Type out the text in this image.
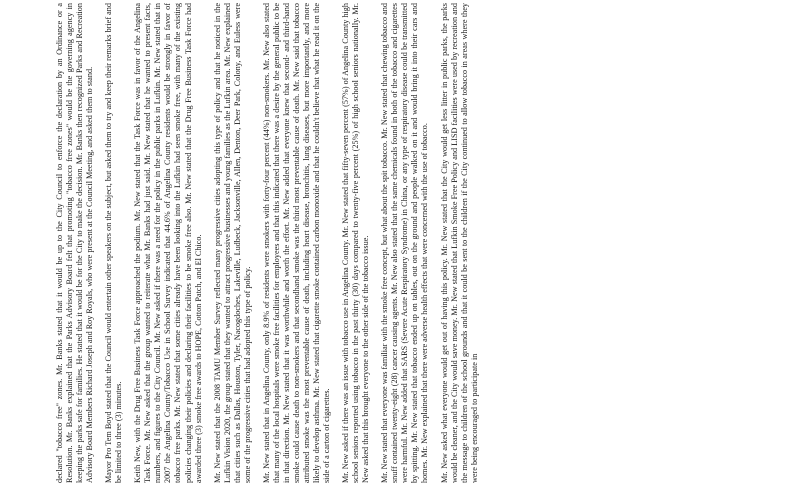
declared "tobacco free" zones. Mr. Banks stated that it would be up to the City Council to enforce the declaration by an Ordinance or a Resolution. Mr. Banks explained that the Parks Advisory Board felt that promoting "tobacco free zones" would be the governing agency in keeping the parks safe for families. He stated that it would be for the City to make the decision. Mr. Banks then recognized Parks and Recreation Advisory Board Members Richard Joseph and Roy Royals, who were present at the Council Meeting, and asked them to stand. Mayor Pro Tem Boyd stated that the Council would entertain other speakers on the subject, but asked them to try and keep their remarks brief and be limited to three (3) minutes. Keith New, with the Drug Free Business Task Force approached the podium. Mr. New stated that the Task Force was in favor of the Angelina Task Force. Mr. New asked that the group wanted to reiterate what Mr. Banks had just said. Mr. New stated that he wanted to present facts, numbers, and figures to the City Council. Mr. New asked if there was a need for the policy in the public parks in Lufkin. Mr. New stated that in 2007 the Angelina County/Tobacco Use in School Survey indicated that 44.6% of Angelina County residents would be strongly in favor of tobacco free parks. Mr. New stated that some cities already have been looking into the Lufkin had seen smoke free, with many of the existing policies changing their policies and declaring their facilities to be smoke free also. Mr. New stated that the Drug Free Business Task Force had awarded three (3) smoke free awards to HOPE, Cotton Patch, and El Chico. Mr. New stated that the 2008 TAMU Member Survey reflected many progressive cities adopting this type of policy and that he noticed in the Lufkin Vision 2020, the group stated that they wanted to attract progressive businesses and young families as the Lufkin area. Mr. New explained that cities such as Dallas, Houston, Tyler, Nacogdoches, Lakeville, Ludbeck, Jacksonville, Allen, Denton, Deer Park, Colony, and Euless were some of the progressive cities that had adopted this type of policy. Mr. New stated that in Angelina County, only 8.9% of residents were smokers with forty-four percent (44%) non-smokers. Mr. New also stated that many of the local hospitals were smoke free facilities for employees and that this indicated that there was a desire by the general public to be in that direction. Mr. New stated that it was worthwhile and worth the effort. Mr. New added that everyone knew that second- and third-hand smoke could cause death to non-smokers and that secondhand smoke was the third most preventable cause of death. Mr. New said that tobacco attributed smoke was the most preventable cause of death, including heart disease, bronchitis, lung diseases, but more importantly, and more likely to develop asthma. Mr. New stated that cigarette smoke contained carbon monoxide and that he couldn't believe that what he read it on the side of a carton of cigarettes. Mr. New asked if there was an issue with tobacco use in Angelina County. Mr. New stated that fifty-seven percent (57%) of Angelina County high school seniors reported using tobacco in the past thirty (30) days compared to twenty-five percent (25%) of high school seniors nationally. Mr. New asked that this brought everyone to the other side of the tobacco issue. Mr. New stated that everyone was familiar with the smoke free concept, but what about the spit tobacco. Mr. New stated that chewing tobacco and snuff contained twenty-eight (28) cancer causing agents. Mr. New also stated that the same chemicals found in both of the tobacco and cigarettes were harmful. Mr. New added that SARS (Severe Acute Respiratory Syndrome) in China, or any type of respiratory disease could be transmitted by spitting. Mr. New stated that tobacco ended up on tables, out on the ground and people walked on it and would bring it into their cars and homes. Mr. New explained that there were adverse health effects that were concerned with the use of tobacco. Mr. New asked what everyone would get out of having this policy. Mr. New stated that the City would get less litter in public parks, the parks would be cleaner, and the City would save money. Mr. New stated that Lufkin Smoke Free Policy and LISD facilities were used by recreation and the message to children of the school grounds and that it could be sent to the children if the City continued to allow tobacco in areas where they were being encouraged to participate in
